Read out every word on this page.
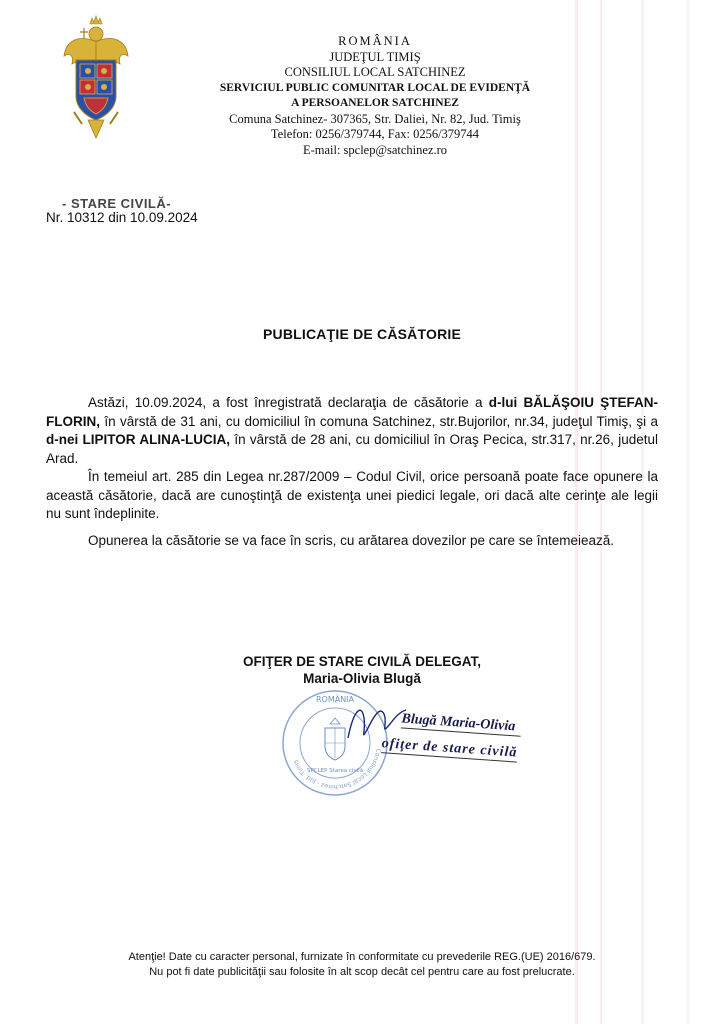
ROMÂNIA
JUDEŢUL TIMIŞ
CONSILIUL LOCAL SATCHINEZ
SERVICIUL PUBLIC COMUNITAR LOCAL DE EVIDENŢĂ
A PERSOANELOR SATCHINEZ
Comuna Satchinez- 307365, Str. Daliei, Nr. 82, Jud. Timiş
Telefon: 0256/379744, Fax: 0256/379744
E-mail: spclep@satchinez.ro
- STARE CIVILĂ-
Nr. 10312 din 10.09.2024
PUBLICAŢIE DE CĂSĂTORIE

Astăzi, 10.09.2024, a fost înregistrată declaraţia de căsătorie a d-lui BĂLĂŞOIU ŞTEFAN-FLORIN, în vârstă de 31 ani, cu domiciliul în comuna Satchinez, str.Bujorilor, nr.34, judeţul Timiş, şi a d-nei LIPITOR ALINA-LUCIA, în vârstă de 28 ani, cu domiciliul în Oraş Pecica, str.317, nr.26, judetul Arad.

În temeiul art. 285 din Legea nr.287/2009 – Codul Civil, orice persoană poate face opunere la această căsătorie, dacă are cunoştinţă de existenţa unei piedici legale, ori dacă alte cerinţe ale legii nu sunt îndeplinite.

Opunerea la căsătorie se va face în scris, cu arătarea dovezilor pe care se întemeiează.

OFIŢER DE STARE CIVILĂ DELEGAT,
Maria-Olivia Blugă
ROMÂNIA
Consiliul Local Satchinez - Jud. Timiş
SPCLEP Starea civilă
Blugă Maria-Olivia
ofiţer de stare civilă
Atenţie! Date cu caracter personal, furnizate în conformitate cu prevederile REG.(UE) 2016/679.
Nu pot fi date publicităţii sau folosite în alt scop decât cel pentru care au fost prelucrate.
